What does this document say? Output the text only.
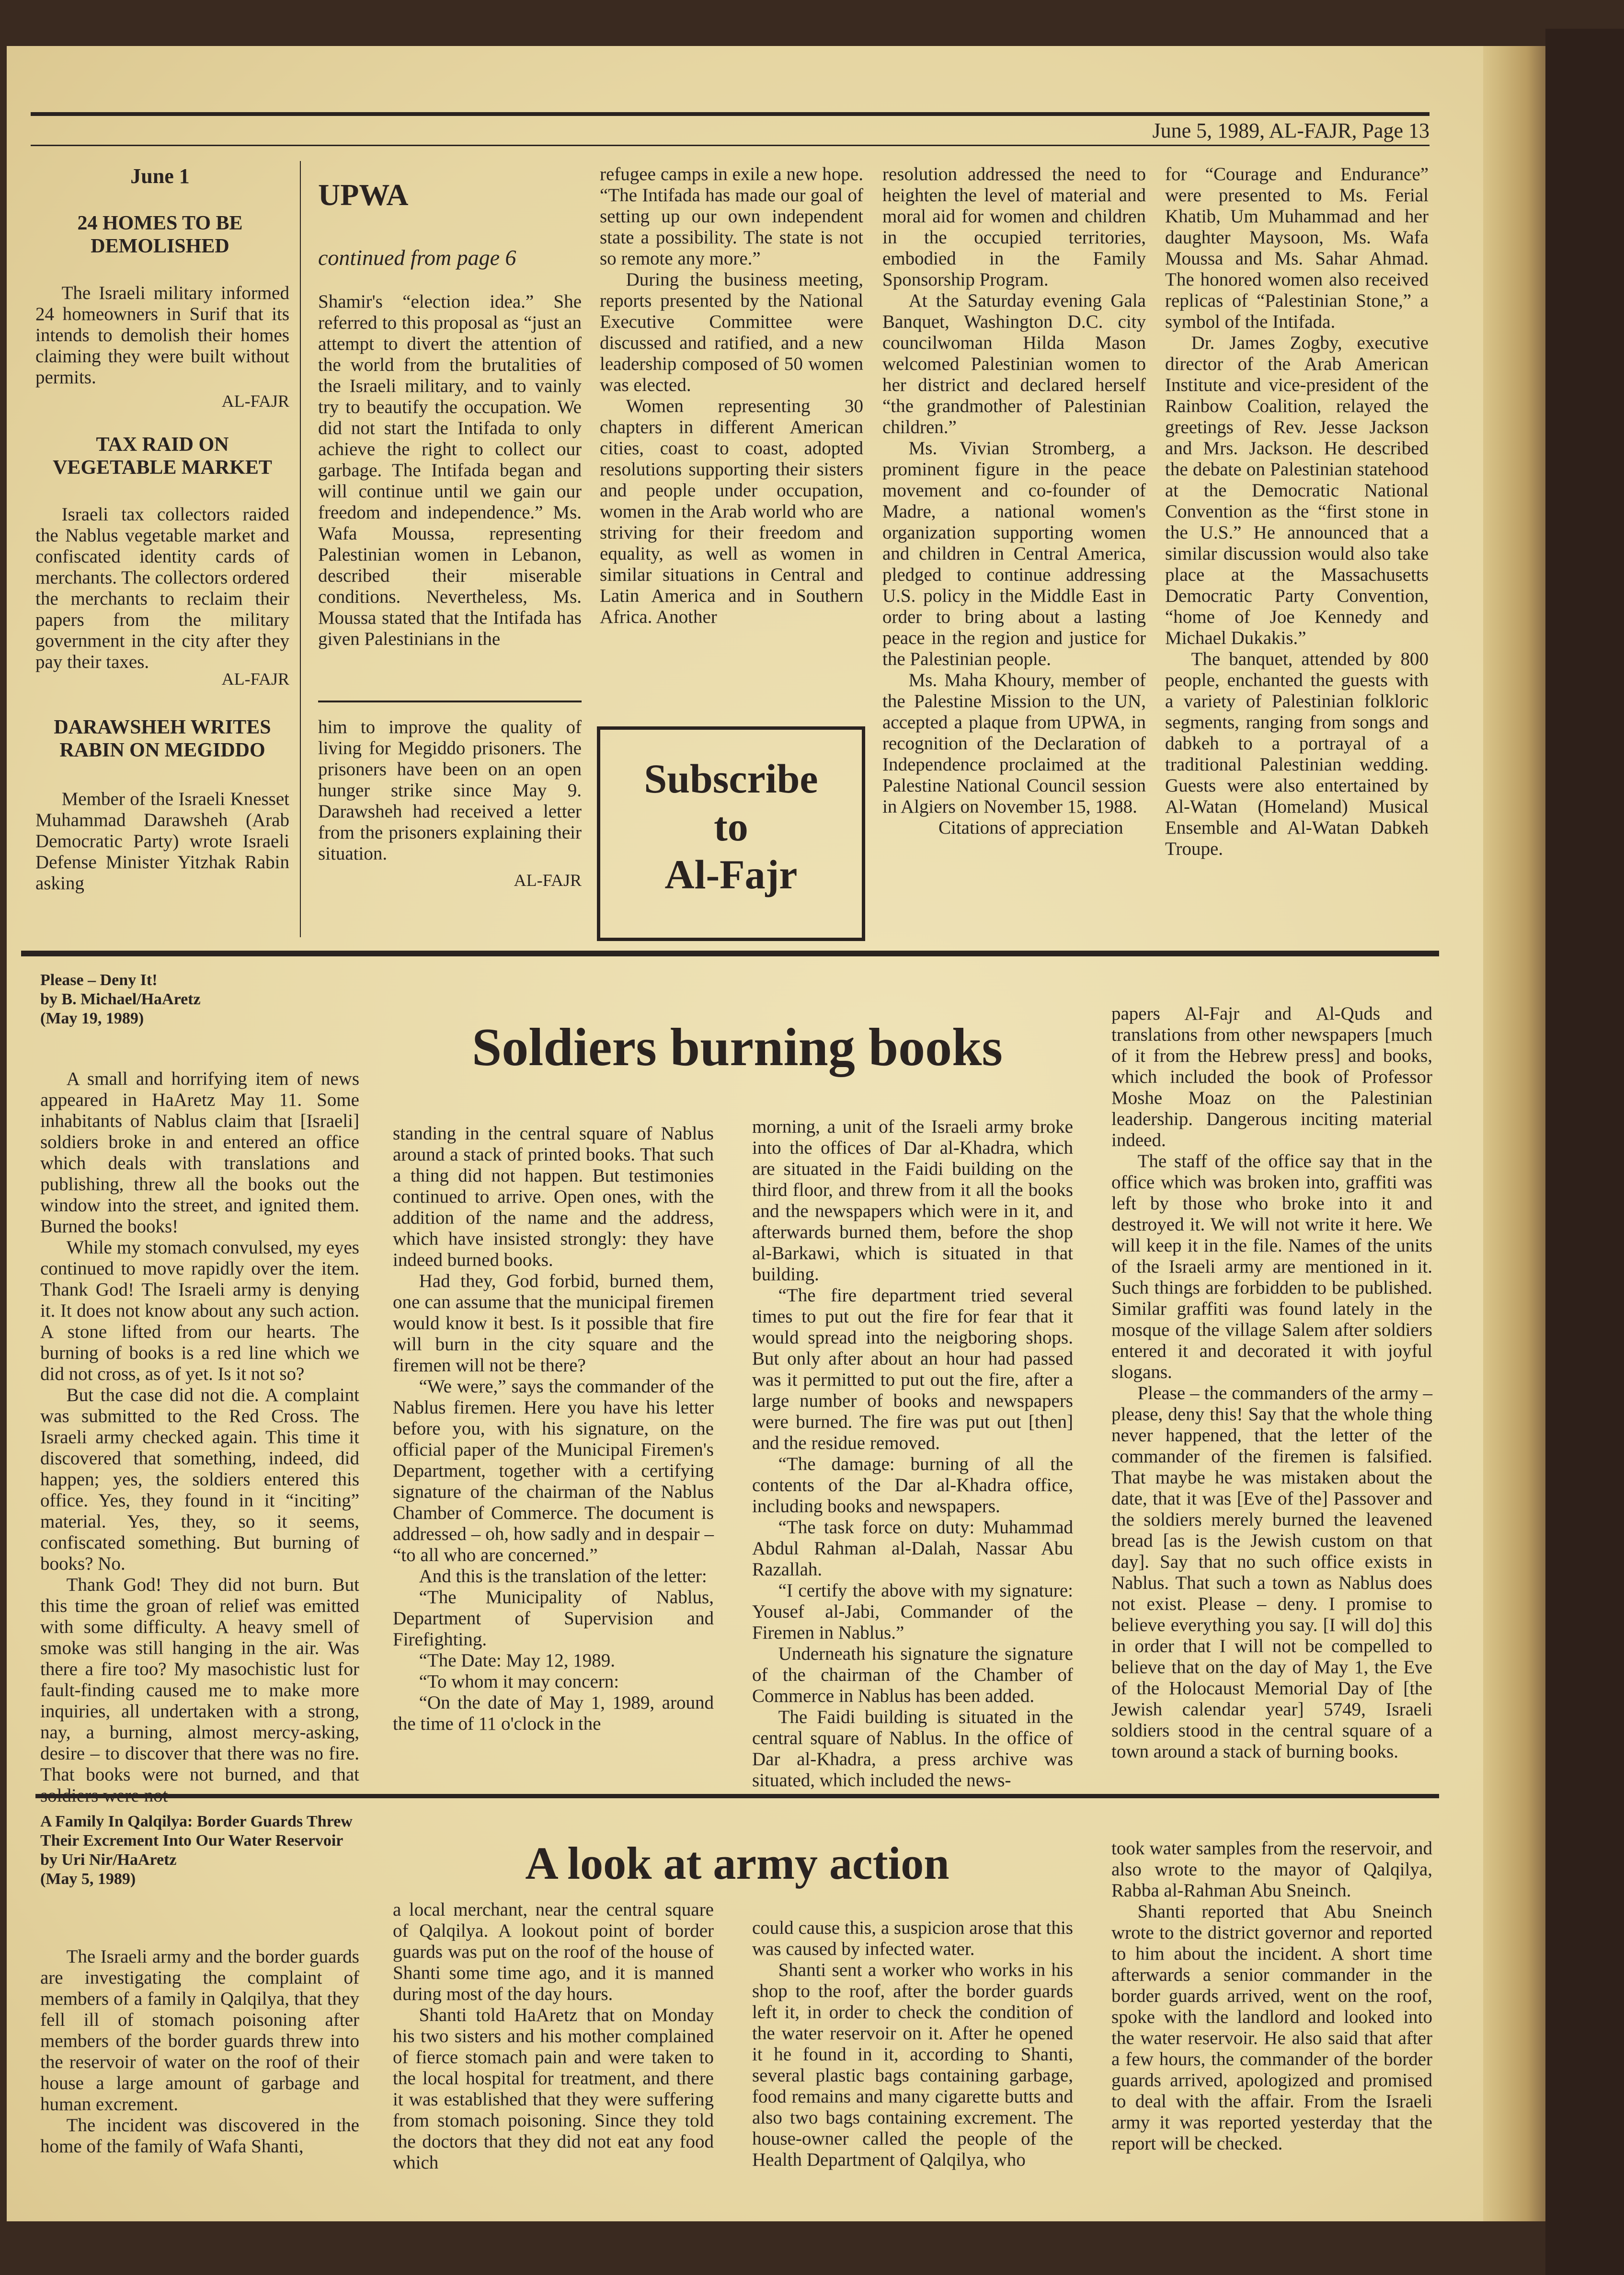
June 5, 1989, AL-FAJR, Page 13
June 1
24 HOMES TO BE DEMOLISHED
The Israeli military informed 24 homeowners in Surif that its intends to demolish their homes claiming they were built without permits.
AL-FAJR
TAX RAID ON VEGETABLE MARKET
Israeli tax collectors raided the Nablus vegetable market and confiscated identity cards of merchants. The collectors ordered the merchants to reclaim their papers from the military government in the city after they pay their taxes.
AL-FAJR
DARAWSHEH WRITES RABIN ON MEGIDDO
Member of the Israeli Knesset Muhammad Darawsheh (Arab Democratic Party) wrote Israeli Defense Minister Yitzhak Rabin asking
UPWA
continued from page 6
Shamir's “election idea.” She referred to this proposal as “just an attempt to divert the attention of the world from the brutalities of the Israeli military, and to vainly try to beautify the occupation. We did not start the Intifada to only achieve the right to collect our garbage. The Intifada began and will continue until we gain our freedom and independence.” Ms. Wafa Moussa, representing Palestinian women in Lebanon, described their miserable conditions. Nevertheless, Ms. Moussa stated that the Intifada has given Palestinians in the
him to improve the quality of living for Megiddo prisoners. The prisoners have been on an open hunger strike since May 9. Darawsheh had received a letter from the prisoners explaining their situation.
AL-FAJR

refugee camps in exile a new hope. “The Intifada has made our goal of setting up our own independent state a possibility. The state is not so remote any more.”

During the business meeting, reports presented by the National Executive Committee were discussed and ratified, and a new leadership composed of 50 women was elected.

Women representing 30 chapters in different American cities, coast to coast, adopted resolutions supporting their sisters and people under occupation, women in the Arab world who are striving for their freedom and equality, as well as women in similar situations in Central and Latin America and in Southern Africa. Another

Subscribe
to
Al-Fajr

resolution addressed the need to heighten the level of material and moral aid for women and children in the occupied territories, embodied in the Family Sponsorship Program.

At the Saturday evening Gala Banquet, Washington D.C. city councilwoman Hilda Mason welcomed Palestinian women to her district and declared herself “the grandmother of Palestinian children.”

Ms. Vivian Stromberg, a prominent figure in the peace movement and co-founder of Madre, a national women's organization supporting women and children in Central America, pledged to continue addressing U.S. policy in the Middle East in order to bring about a lasting peace in the region and justice for the Palestinian people.

Ms. Maha Khoury, member of the Palestine Mission to the UN, accepted a plaque from UPWA, in recognition of the Declaration of Independence proclaimed at the Palestine National Council session in Algiers on November 15, 1988.

Citations of appreciation

for “Courage and Endurance” were presented to Ms. Ferial Khatib, Um Muhammad and her daughter Maysoon, Ms. Wafa Moussa and Ms. Sahar Ahmad. The honored women also received replicas of “Palestinian Stone,” a symbol of the Intifada.

Dr. James Zogby, executive director of the Arab American Institute and vice-president of the Rainbow Coalition, relayed the greetings of Rev. Jesse Jackson and Mrs. Jackson. He described the debate on Palestinian statehood at the Democratic National Convention as the “first stone in the U.S.” He announced that a similar discussion would also take place at the Massachusetts Democratic Party Convention, “home of Joe Kennedy and Michael Dukakis.”

The banquet, attended by 800 people, enchanted the guests with a variety of Palestinian folkloric segments, ranging from songs and dabkeh to a portrayal of a traditional Palestinian wedding. Guests were also entertained by Al-Watan (Homeland) Musical Ensemble and Al-Watan Dabkeh Troupe.

Please – Deny It!
by B. Michael/HaAretz
(May 19, 1989)	Soldiers burning books

A small and horrifying item of news appeared in HaAretz May 11. Some inhabitants of Nablus claim that [Israeli] soldiers broke in and entered an office which deals with translations and publishing, threw all the books out the window into the street, and ignited them. Burned the books!

While my stomach convulsed, my eyes continued to move rapidly over the item. Thank God! The Israeli army is denying it. It does not know about any such action. A stone lifted from our hearts. The burning of books is a red line which we did not cross, as of yet. Is it not so?

But the case did not die. A complaint was submitted to the Red Cross. The Israeli army checked again. This time it discovered that something, indeed, did happen; yes, the soldiers entered this office. Yes, they found in it “inciting” material. Yes, they, so it seems, confiscated something. But burning of books? No.

Thank God! They did not burn. But this time the groan of relief was emitted with some difficulty. A heavy smell of smoke was still hanging in the air. Was there a fire too? My masochistic lust for fault-finding caused me to make more inquiries, all undertaken with a strong, nay, a burning, almost mercy-asking, desire – to discover that there was no fire. That books were not burned, and that

standing in the central square of Nablus around a stack of printed books. That such a thing did not happen. But testimonies continued to arrive. Open ones, with the addition of the name and the address, which have insisted strongly: they have indeed burned books.

Had they, God forbid, burned them, one can assume that the municipal firemen would know it best. Is it possible that fire will burn in the city square and the firemen will not be there?

“We were,” says the commander of the Nablus firemen. Here you have his letter before you, with his signature, on the official paper of the Municipal Firemen's Department, together with a certifying signature of the chairman of the Nablus Chamber of Commerce. The document is addressed – oh, how sadly and in despair – “to all who are concerned.”

And this is the translation of the letter:

“The Municipality of Nablus, Department of Supervision and Firefighting.

“The Date: May 12, 1989.

“To whom it may concern:

“On the date of May 1, 1989, around the time of 11 o'clock in the

morning, a unit of the Israeli army broke into the offices of Dar al-Khadra, which are situated in the Faidi building on the third floor, and threw from it all the books and the newspapers which were in it, and afterwards burned them, before the shop al-Barkawi, which is situated in that building.

“The fire department tried several times to put out the fire for fear that it would spread into the neigboring shops. But only after about an hour had passed was it permitted to put out the fire, after a large number of books and newspapers were burned. The fire was put out [then] and the residue removed.

“The damage: burning of all the contents of the Dar al-Khadra office, including books and newspapers.

“The task force on duty: Muhammad Abdul Rahman al-Dalah, Nassar Abu Razallah.

“I certify the above with my signature: Yousef al-Jabi, Commander of the Firemen in Nablus.”

Underneath his signature the signature of the chairman of the Chamber of Commerce in Nablus has been added.

The Faidi building is situated in the central square of Nablus. In the office of Dar al-Khadra, a press archive was situated, which included the news-

papers Al-Fajr and Al-Quds and translations from other newspapers [much of it from the Hebrew press] and books, which included the book of Professor Moshe Moaz on the Palestinian leadership. Dangerous inciting material indeed.

The staff of the office say that in the office which was broken into, graffiti was left by those who broke into it and destroyed it. We will not write it here. We will keep it in the file. Names of the units of the Israeli army are mentioned in it. Such things are forbidden to be published. Similar graffiti was found lately in the mosque of the village Salem after soldiers entered it and decorated it with joyful slogans.

Please – the commanders of the army – please, deny this! Say that the whole thing never happened, that the letter of the commander of the firemen is falsified. That maybe he was mistaken about the date, that it was [Eve of the] Passover and the soldiers merely burned the leavened bread [as is the Jewish custom on that day]. Say that no such office exists in Nablus. That such a town as Nablus does not exist. Please – deny. I promise to believe everything you say. [I will do] this in order that I will not be compelled to believe that on the day of May 1, the Eve of the Holocaust Memorial Day of [the Jewish calendar year] 5749, Israeli soldiers stood in the central square of a town around a stack of burning books.

A Family In Qalqilya: Border Guards Threw Their Excrement Into Our Water Reservoir
by Uri Nir/HaAretz
(May 5, 1989)	A look at army action

The Israeli army and the border guards are investigating the complaint of members of a family in Qalqilya, that they fell ill of stomach poisoning after members of the border guards threw into the reservoir of water on the roof of their house a large amount of garbage and human excrement.

The incident was discovered in the home of the family of Wafa Shanti,

a local merchant, near the central square of Qalqilya. A lookout point of border guards was put on the roof of the house of Shanti some time ago, and it is manned during most of the day hours.

Shanti told HaAretz that on Monday his two sisters and his mother complained of fierce stomach pain and were taken to the local hospital for treatment, and there it was established that they were suffering from stomach poisoning. Since they told the doctors that they did not eat any food which

could cause this, a suspicion arose that this was caused by infected water.

Shanti sent a worker who works in his shop to the roof, after the border guards left it, in order to check the condition of the water reservoir on it. After he opened it he found in it, according to Shanti, several plastic bags containing garbage, food remains and many cigarette butts and also two bags containing excrement. The house-owner called the people of the Health Department of Qalqilya, who

took water samples from the reservoir, and also wrote to the mayor of Qalqilya, Rabba al-Rahman Abu Sneinch.

Shanti reported that Abu Sneinch wrote to the district governor and reported to him about the incident. A short time afterwards a senior commander in the border guards arrived, went on the roof, spoke with the landlord and looked into the water reservoir. He also said that after a few hours, the commander of the border guards arrived, apologized and promised to deal with the affair. From the Israeli army it was reported yesterday that the report will be checked.
